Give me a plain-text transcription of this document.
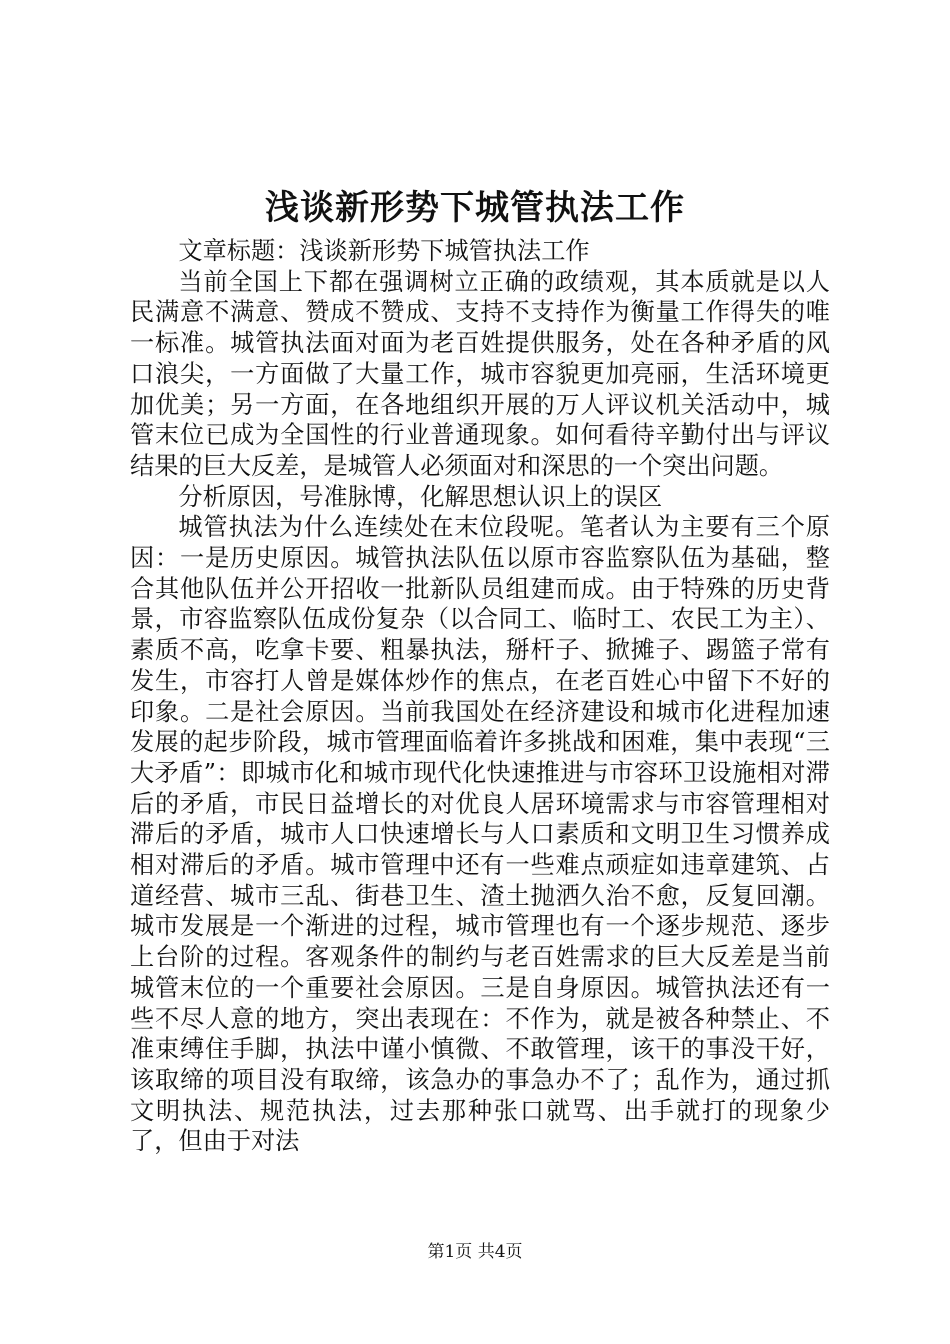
浅谈新形势下城管执法工作

文章标题：浅谈新形势下城管执法工作

当前全国上下都在强调树立正确的政绩观，其本质就是以人民满意不满意、赞成不赞成、支持不支持作为衡量工作得失的唯一标准。城管执法面对面为老百姓提供服务，处在各种矛盾的风口浪尖，一方面做了大量工作，城市容貌更加亮丽，生活环境更加优美；另一方面，在各地组织开展的万人评议机关活动中，城管末位已成为全国性的行业普通现象。如何看待辛勤付出与评议结果的巨大反差，是城管人必须面对和深思的一个突出问题。

分析原因，号准脉博，化解思想认识上的误区

城管执法为什么连续处在末位段呢。笔者认为主要有三个原因：一是历史原因。城管执法队伍以原市容监察队伍为基础，整合其他队伍并公开招收一批新队员组建而成。由于特殊的历史背景，市容监察队伍成份复杂（以合同工、临时工、农民工为主）、素质不高，吃拿卡要、粗暴执法，掰杆子、掀摊子、踢篮子常有发生，市容打人曾是媒体炒作的焦点，在老百姓心中留下不好的印象。二是社会原因。当前我国处在经济建设和城市化进程加速发展的起步阶段，城市管理面临着许多挑战和困难，集中表现“三大矛盾”：即城市化和城市现代化快速推进与市容环卫设施相对滞后的矛盾，市民日益增长的对优良人居环境需求与市容管理相对滞后的矛盾，城市人口快速增长与人口素质和文明卫生习惯养成相对滞后的矛盾。城市管理中还有一些难点顽症如违章建筑、占道经营、城市三乱、街巷卫生、渣土抛洒久治不愈，反复回潮。城市发展是一个渐进的过程，城市管理也有一个逐步规范、逐步上台阶的过程。客观条件的制约与老百姓需求的巨大反差是当前城管末位的一个重要社会原因。三是自身原因。城管执法还有一些不尽人意的地方，突出表现在：不作为，就是被各种禁止、不准束缚住手脚，执法中谨小慎微、不敢管理，该干的事没干好，该取缔的项目没有取缔，该急办的事急办不了；乱作为，通过抓文明执法、规范执法，过去那种张口就骂、出手就打的现象少了，但由于对法

第1页 共4页
